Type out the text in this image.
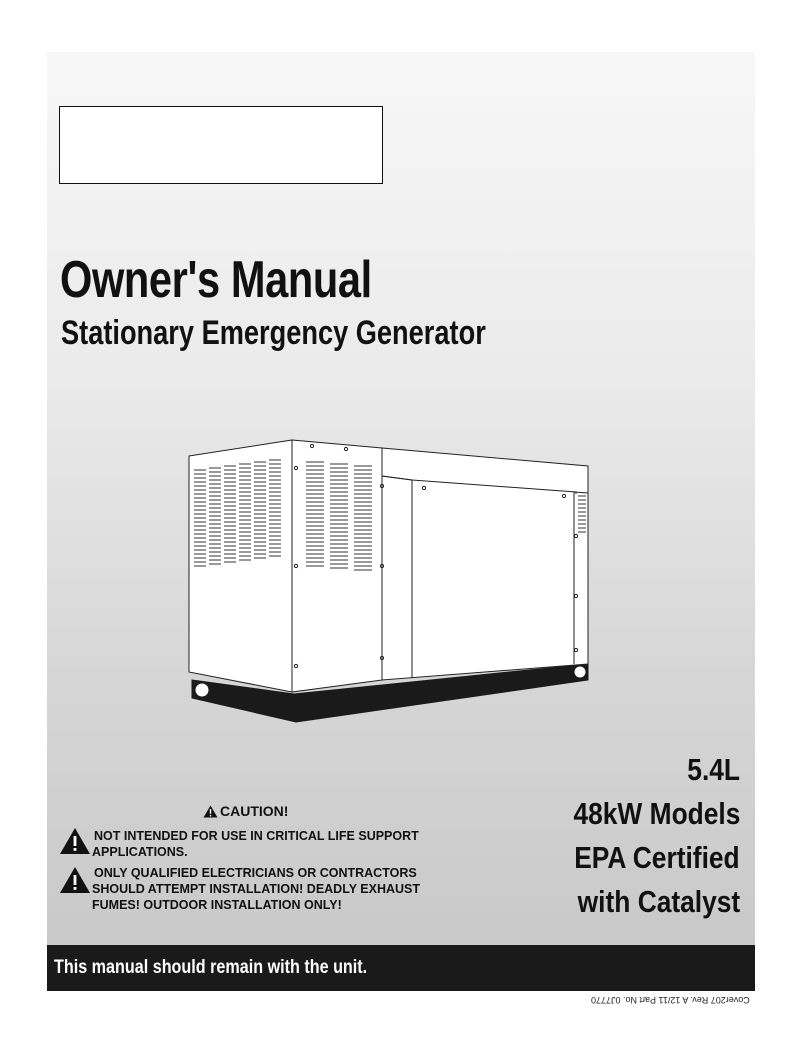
Owner's Manual
Stationary Emergency Generator
5.4L
48kW Models
EPA Certified
with Catalyst
CAUTION!
NOT INTENDED FOR USE IN CRITICAL LIFE SUPPORT
APPLICATIONS.
ONLY QUALIFIED ELECTRICIANS OR CONTRACTORS
SHOULD ATTEMPT INSTALLATION! DEADLY EXHAUST
FUMES! OUTDOOR INSTALLATION ONLY!
This manual should remain with the unit.
Cover207 Rev. A 12/11 Part No. 0J7770
